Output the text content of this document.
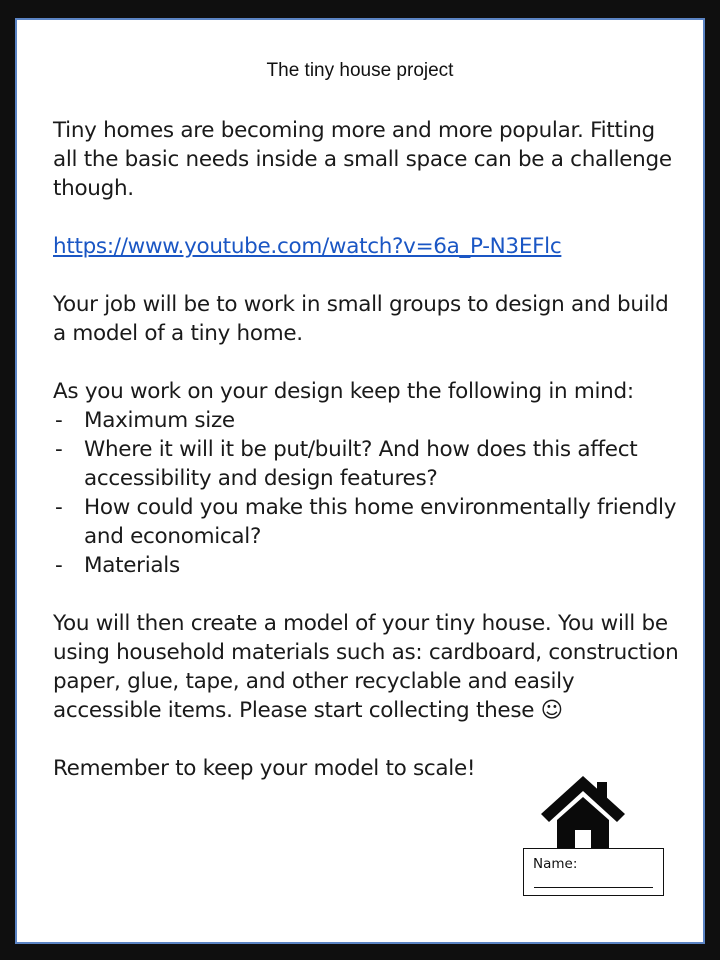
The tiny house project

Tiny homes are becoming more and more popular. Fitting all the basic needs inside a small space can be a challenge though.

https://www.youtube.com/watch?v=6a_P-N3EFlc

Your job will be to work in small groups to design and build a model of a tiny home.

As you work on your design keep the following in mind:

- Maximum size
- Where it will it be put/built? And how does this affect accessibility and design features?
- How could you make this home environmentally friendly and economical?
- Materials

You will then create a model of your tiny house. You will be using household materials such as: cardboard, construction paper, glue, tape, and other recyclable and easily accessible items. Please start collecting these ☺

Remember to keep your model to scale!

Name:
